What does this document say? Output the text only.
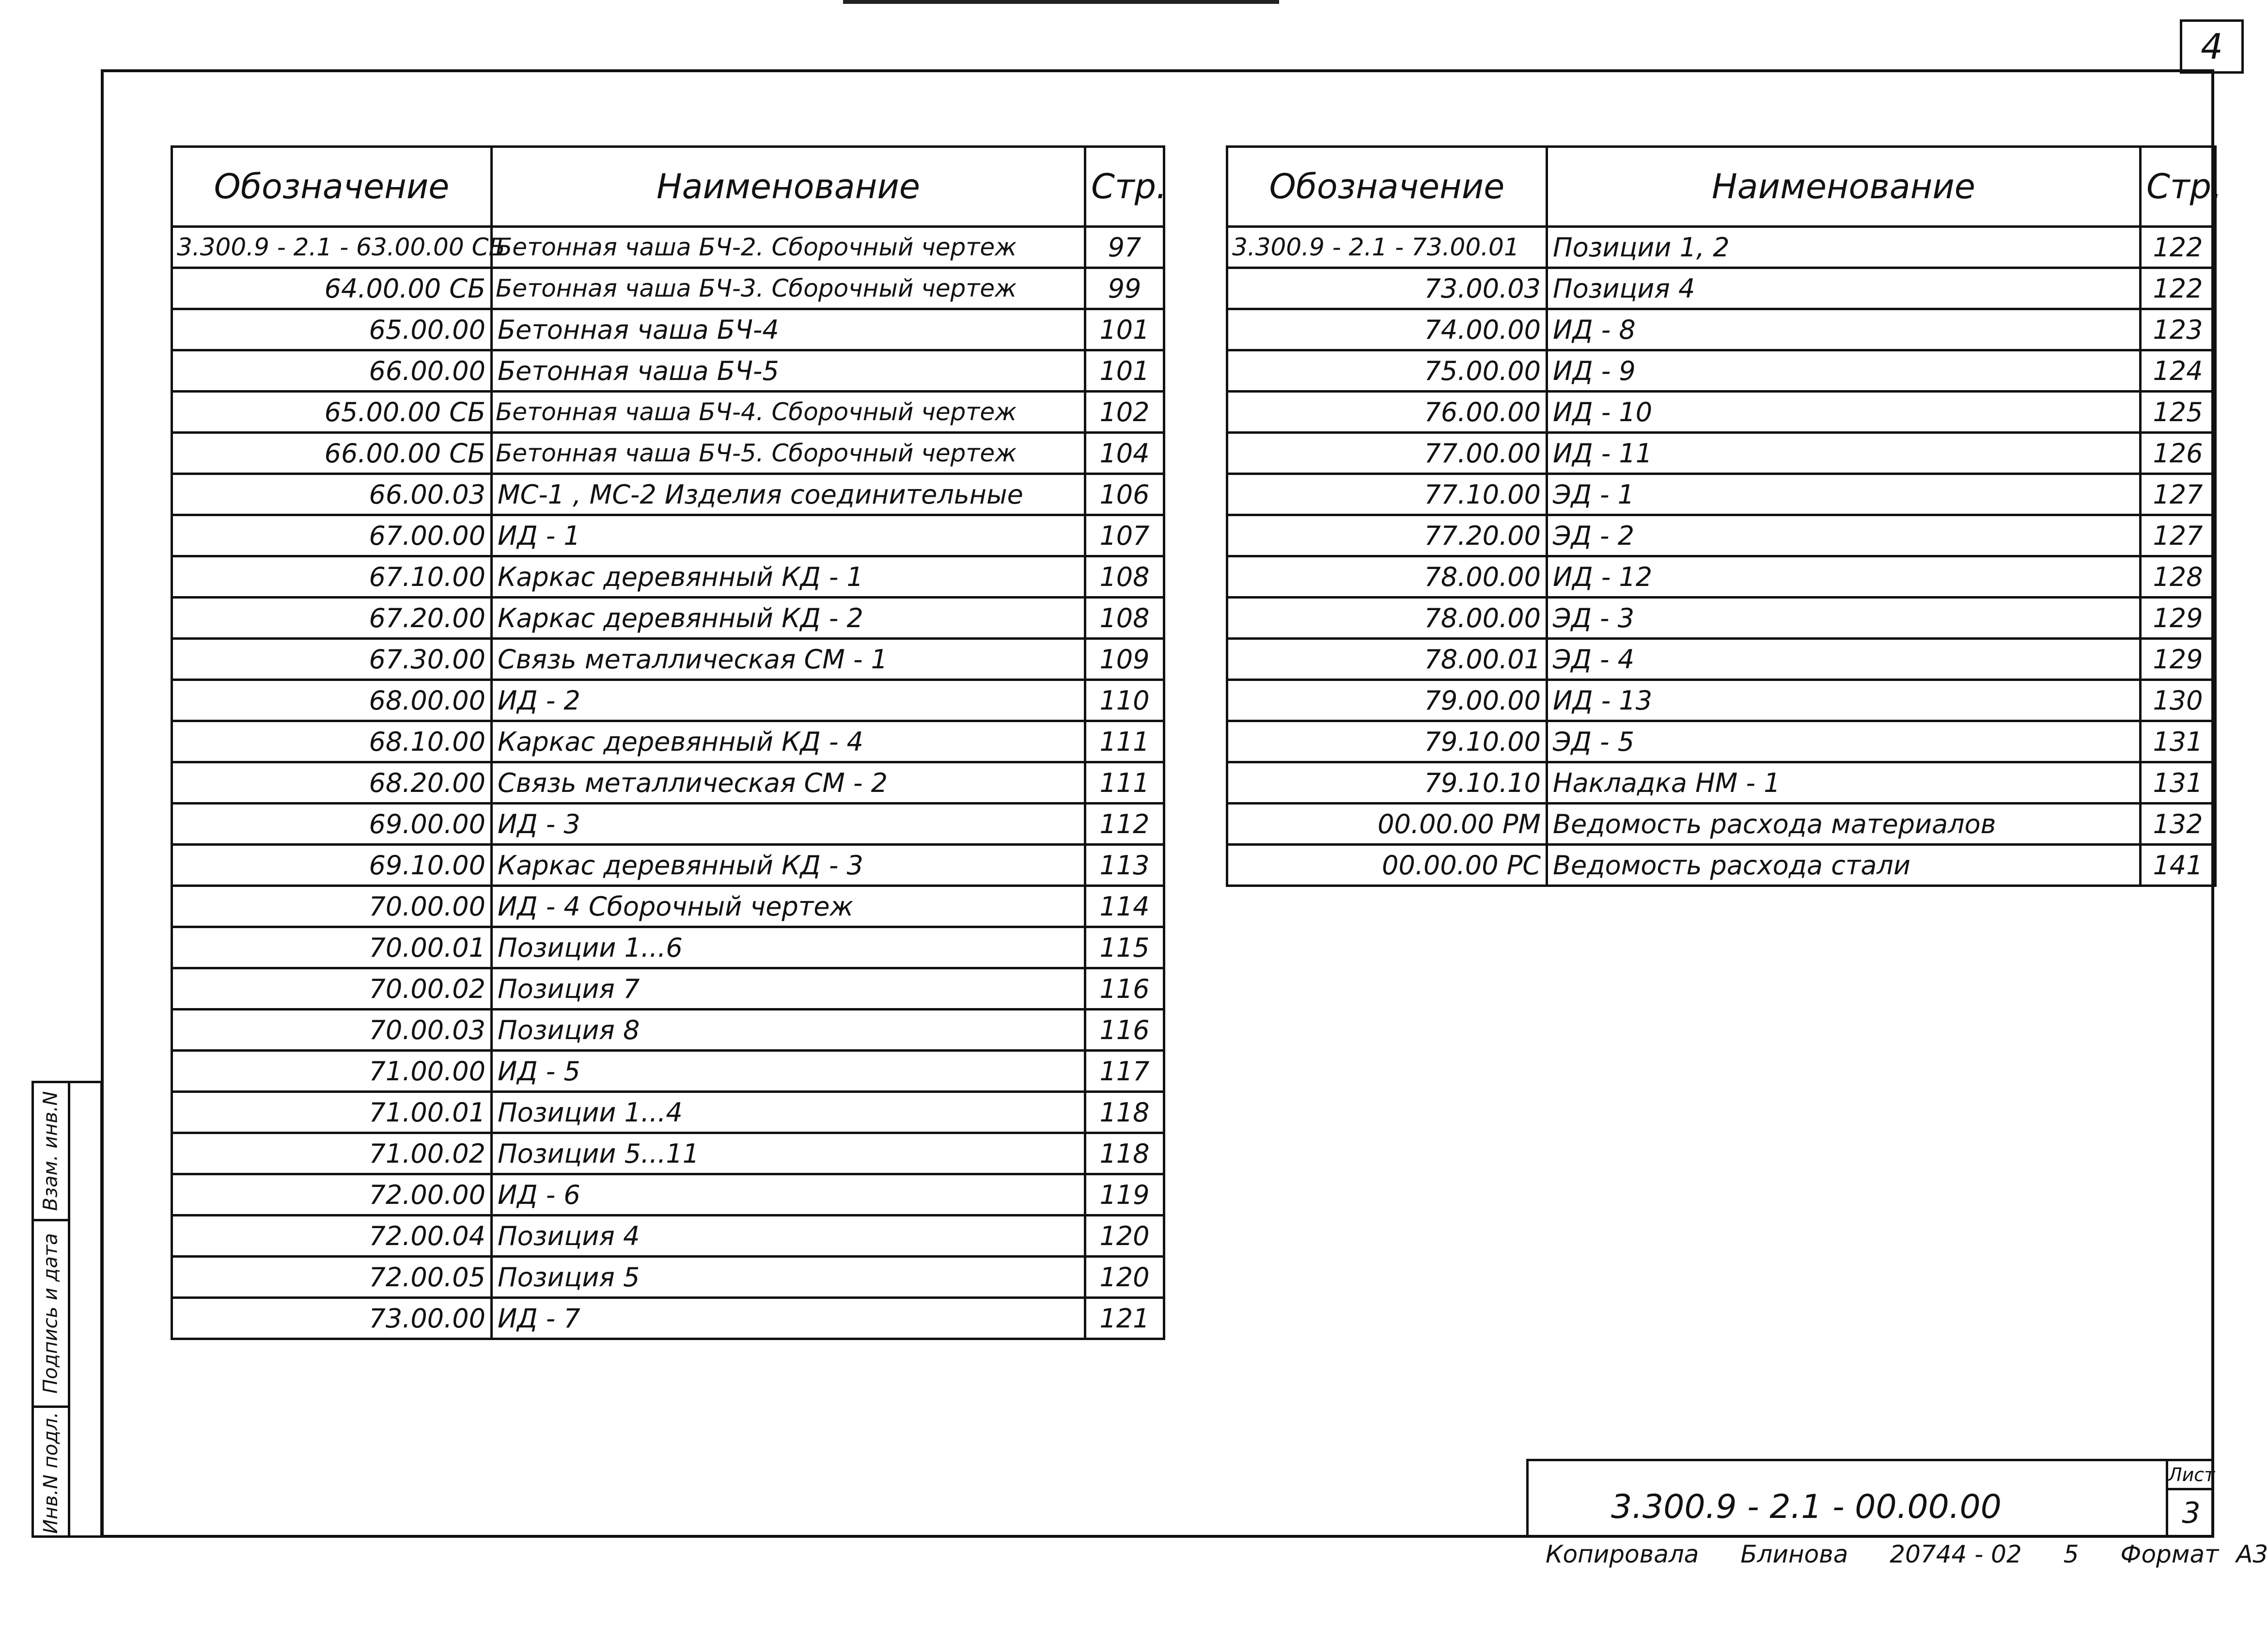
4
Взам. инв.N
Подпись и дата
Инв.N подл.
Обозначение	Наименование	Стр.
3.300.9 - 2.1 - 63.00.00 СБ	Бетонная чаша БЧ-2. Сборочный чертеж	97
64.00.00 СБ	Бетонная чаша БЧ-3. Сборочный чертеж	99
65.00.00	Бетонная чаша БЧ-4	101
66.00.00	Бетонная чаша БЧ-5	101
65.00.00 СБ	Бетонная чаша БЧ-4. Сборочный чертеж	102
66.00.00 СБ	Бетонная чаша БЧ-5. Сборочный чертеж	104
66.00.03	МС-1 , МС-2 Изделия соединительные	106
67.00.00	ИД - 1	107
67.10.00	Каркас деревянный КД - 1	108
67.20.00	Каркас деревянный КД - 2	108
67.30.00	Связь металлическая СМ - 1	109
68.00.00	ИД - 2	110
68.10.00	Каркас деревянный КД - 4	111
68.20.00	Связь металлическая СМ - 2	111
69.00.00	ИД - 3	112
69.10.00	Каркас деревянный КД - 3	113
70.00.00	ИД - 4 Сборочный чертеж	114
70.00.01	Позиции 1...6	115
70.00.02	Позиция 7	116
70.00.03	Позиция 8	116
71.00.00	ИД - 5	117
71.00.01	Позиции 1...4	118
71.00.02	Позиции 5...11	118
72.00.00	ИД - 6	119
72.00.04	Позиция 4	120
72.00.05	Позиция 5	120
73.00.00	ИД - 7	121
Обозначение	Наименование	Стр.
3.300.9 - 2.1 - 73.00.01	Позиции 1, 2	122
73.00.03	Позиция 4	122
74.00.00	ИД - 8	123
75.00.00	ИД - 9	124
76.00.00	ИД - 10	125
77.00.00	ИД - 11	126
77.10.00	ЭД - 1	127
77.20.00	ЭД - 2	127
78.00.00	ИД - 12	128
78.00.00	ЭД - 3	129
78.00.01	ЭД - 4	129
79.00.00	ИД - 13	130
79.10.00	ЭД - 5	131
79.10.10	Накладка НМ - 1	131
00.00.00 РМ	Ведомость расхода материалов	132
00.00.00 РС	Ведомость расхода стали	141
3.300.9 - 2.1 - 00.00.00
Лист
3
Копировала Блинова 20744 - 02 5 Формат А3
